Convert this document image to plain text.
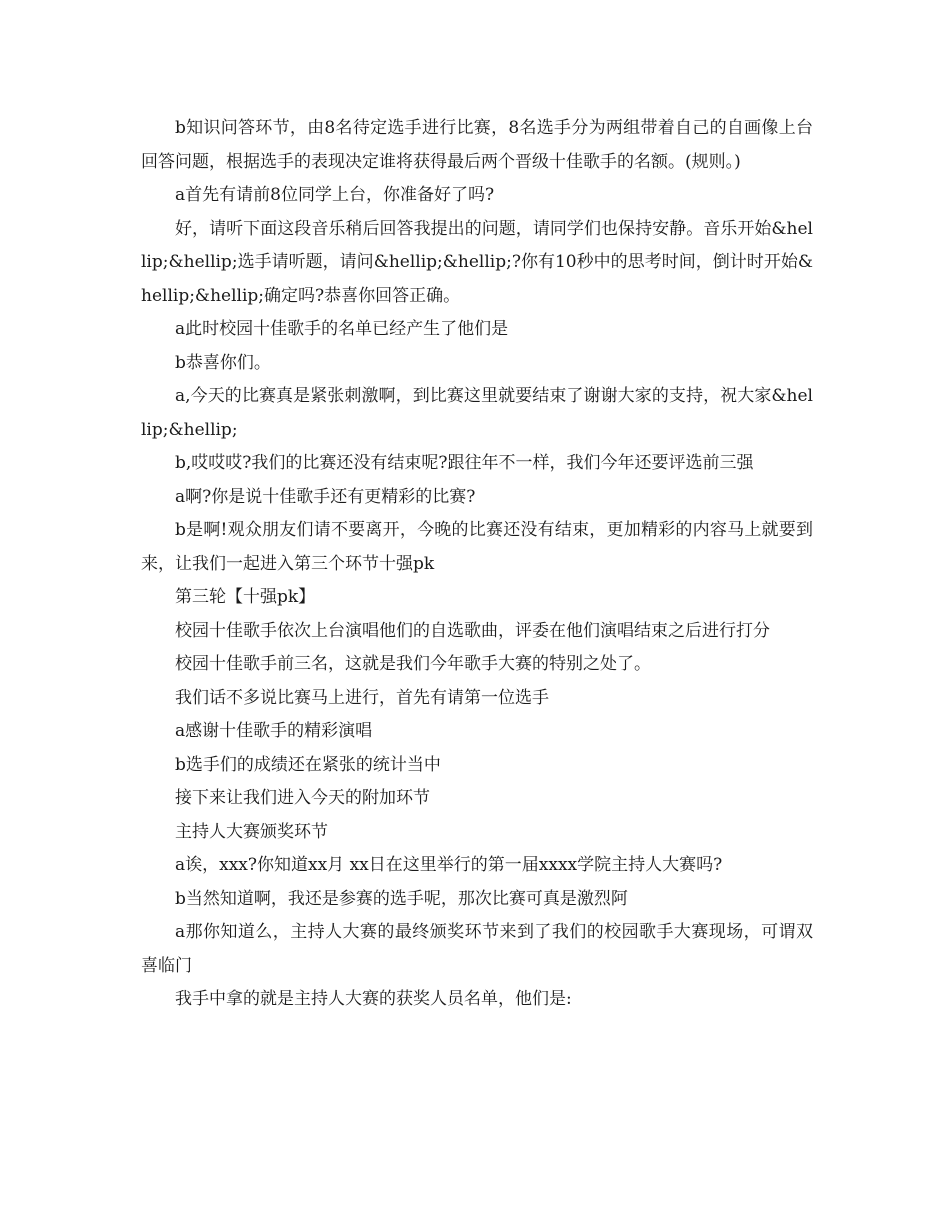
b知识问答环节，由8名待定选手进行比赛，8名选手分为两组带着自己的自画像上台回答问题，根据选手的表现决定谁将获得最后两个晋级十佳歌手的名额。(规则。)

a首先有请前8位同学上台，你准备好了吗?

好，请听下面这段音乐稍后回答我提出的问题，请同学们也保持安静。音乐开始&hellip;&hellip;选手请听题，请问&hellip;&hellip;?你有10秒中的思考时间，倒计时开始&hellip;&hellip;确定吗?恭喜你回答正确。

a此时校园十佳歌手的名单已经产生了他们是

b恭喜你们。

a,今天的比赛真是紧张刺激啊，到比赛这里就要结束了谢谢大家的支持，祝大家&hellip;&hellip;

b,哎哎哎?我们的比赛还没有结束呢?跟往年不一样，我们今年还要评选前三强

a啊?你是说十佳歌手还有更精彩的比赛?

b是啊!观众朋友们请不要离开，今晚的比赛还没有结束，更加精彩的内容马上就要到来，让我们一起进入第三个环节十强pk

第三轮【十强pk】

校园十佳歌手依次上台演唱他们的自选歌曲，评委在他们演唱结束之后进行打分

校园十佳歌手前三名，这就是我们今年歌手大赛的特别之处了。

我们话不多说比赛马上进行，首先有请第一位选手

a感谢十佳歌手的精彩演唱

b选手们的成绩还在紧张的统计当中

接下来让我们进入今天的附加环节

主持人大赛颁奖环节

a诶，xxx?你知道xx月 xx日在这里举行的第一届xxxx学院主持人大赛吗?

b当然知道啊，我还是参赛的选手呢，那次比赛可真是激烈阿

a那你知道么，主持人大赛的最终颁奖环节来到了我们的校园歌手大赛现场，可谓双喜临门

我手中拿的就是主持人大赛的获奖人员名单，他们是:
